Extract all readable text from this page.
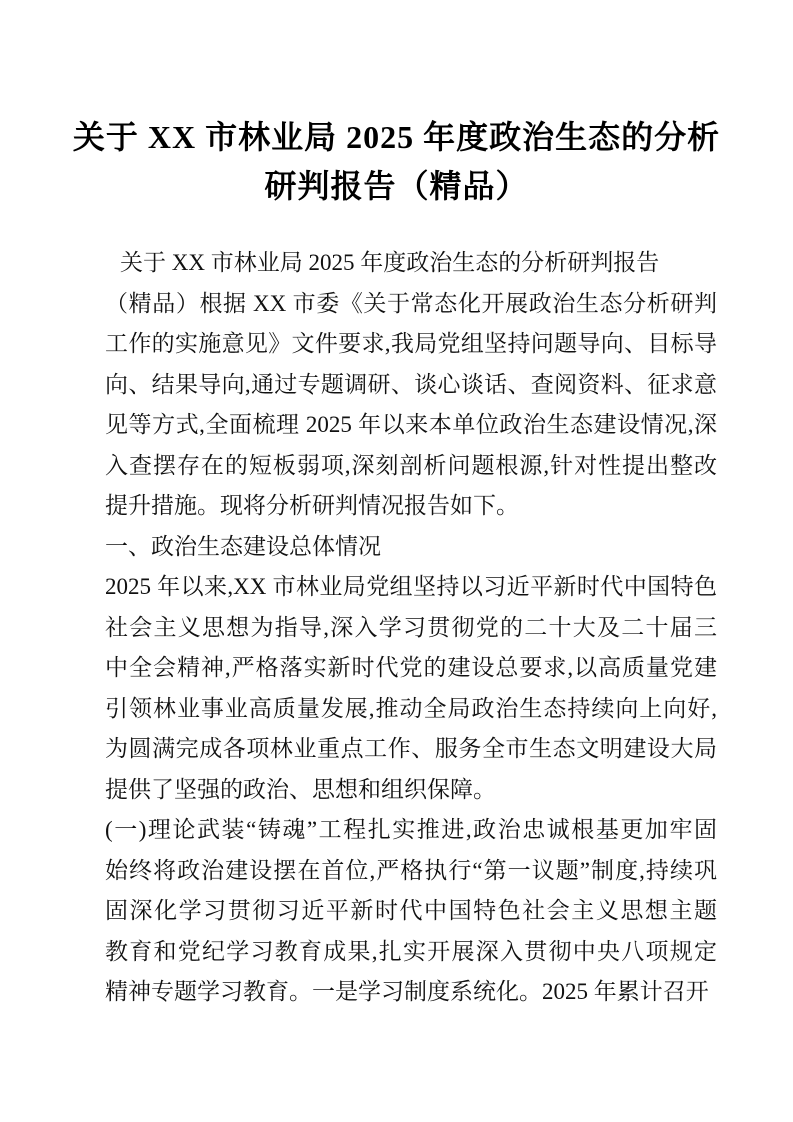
关于 XX 市林业局 2025 年度政治生态的分析
研判报告（精品）
关于 XX 市林业局 2025 年度政治生态的分析研判报告
（精品）根据 XX 市委《关于常态化开展政治生态分析研判
工作的实施意见》文件要求,我局党组坚持问题导向、目标导
向、结果导向,通过专题调研、谈心谈话、查阅资料、征求意
见等方式,全面梳理 2025 年以来本单位政治生态建设情况,深
入查摆存在的短板弱项,深刻剖析问题根源,针对性提出整改
提升措施。现将分析研判情况报告如下。
一、政治生态建设总体情况
2025 年以来,XX 市林业局党组坚持以习近平新时代中国特色
社会主义思想为指导,深入学习贯彻党的二十大及二十届三
中全会精神,严格落实新时代党的建设总要求,以高质量党建
引领林业事业高质量发展,推动全局政治生态持续向上向好,
为圆满完成各项林业重点工作、服务全市生态文明建设大局
提供了坚强的政治、思想和组织保障。
(一)理论武装“铸魂”工程扎实推进,政治忠诚根基更加牢固
始终将政治建设摆在首位,严格执行“第一议题”制度,持续巩
固深化学习贯彻习近平新时代中国特色社会主义思想主题
教育和党纪学习教育成果,扎实开展深入贯彻中央八项规定
精神专题学习教育。一是学习制度系统化。2025 年累计召开
